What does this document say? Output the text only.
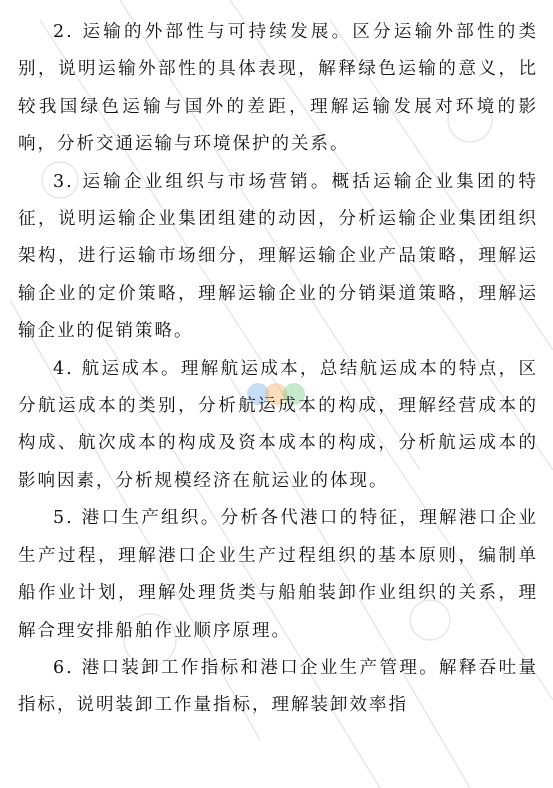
2. 运输的外部性与可持续发展。区分运输外部性的类别，说明运输外部性的具体表现，解释绿色运输的意义，比较我国绿色运输与国外的差距，理解运输发展对环境的影响，分析交通运输与环境保护的关系。

3. 运输企业组织与市场营销。概括运输企业集团的特征，说明运输企业集团组建的动因，分析运输企业集团组织架构，进行运输市场细分，理解运输企业产品策略，理解运输企业的定价策略，理解运输企业的分销渠道策略，理解运输企业的促销策略。

4. 航运成本。理解航运成本，总结航运成本的特点，区分航运成本的类别，分析航运成本的构成，理解经营成本的构成、航次成本的构成及资本成本的构成，分析航运成本的影响因素，分析规模经济在航运业的体现。

5. 港口生产组织。分析各代港口的特征，理解港口企业生产过程，理解港口企业生产过程组织的基本原则，编制单船作业计划，理解处理货类与船舶装卸作业组织的关系，理解合理安排船舶作业顺序原理。

6. 港口装卸工作指标和港口企业生产管理。解释吞吐量指标，说明装卸工作量指标，理解装卸效率指
